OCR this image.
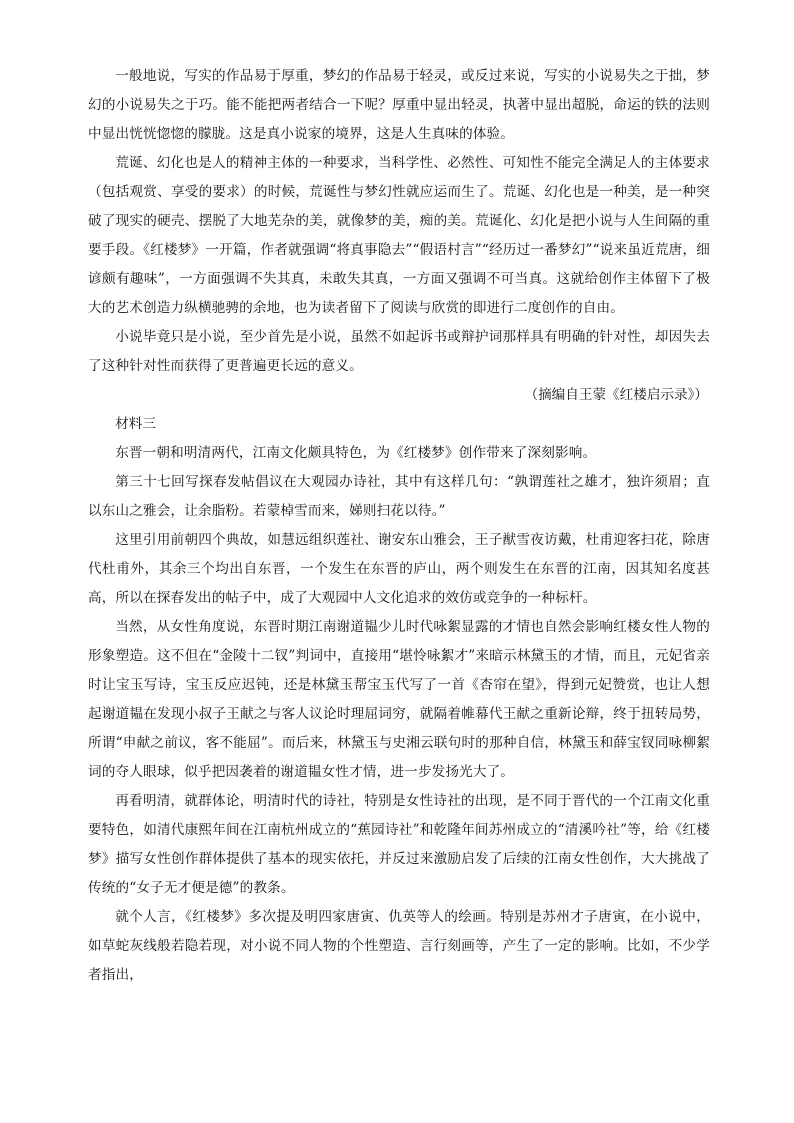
一般地说，写实的作品易于厚重，梦幻的作品易于轻灵，或反过来说，写实的小说易失之于拙，梦幻的小说易失之于巧。能不能把两者结合一下呢？厚重中显出轻灵，执著中显出超脱，命运的铁的法则中显出恍恍惚惚的朦胧。这是真小说家的境界，这是人生真味的体验。

荒诞、幻化也是人的精神主体的一种要求，当科学性、必然性、可知性不能完全满足人的主体要求（包括观赏、享受的要求）的时候，荒诞性与梦幻性就应运而生了。荒诞、幻化也是一种美，是一种突破了现实的硬壳、摆脱了大地芜杂的美，就像梦的美，痴的美。荒诞化、幻化是把小说与人生间隔的重要手段。《红楼梦》一开篇，作者就强调“将真事隐去”“假语村言”“经历过一番梦幻”“说来虽近荒唐，细谚颇有趣味”，一方面强调不失其真，未敢失其真，一方面又强调不可当真。这就给创作主体留下了极大的艺术创造力纵横驰骋的余地，也为读者留下了阅读与欣赏的即进行二度创作的自由。

小说毕竟只是小说，至少首先是小说，虽然不如起诉书或辩护词那样具有明确的针对性，却因失去了这种针对性而获得了更普遍更长远的意义。

（摘编自王蒙《红楼启示录》）

材料三

东晋一朝和明清两代，江南文化颇具特色，为《红楼梦》创作带来了深刻影响。

第三十七回写探春发帖倡议在大观园办诗社，其中有这样几句：“孰谓莲社之雄才，独许须眉；直以东山之雅会，让余脂粉。若蒙棹雪而来，娣则扫花以待。”

这里引用前朝四个典故，如慧远组织莲社、谢安东山雅会，王子猷雪夜访戴，杜甫迎客扫花，除唐代杜甫外，其余三个均出自东晋，一个发生在东晋的庐山，两个则发生在东晋的江南，因其知名度甚高，所以在探春发出的帖子中，成了大观园中人文化追求的效仿或竞争的一种标杆。

当然，从女性角度说，东晋时期江南谢道韫少儿时代咏絮显露的才情也自然会影响红楼女性人物的形象塑造。这不但在“金陵十二钗”判词中，直接用“堪怜咏絮才”来暗示林黛玉的才情，而且，元妃省亲时让宝玉写诗，宝玉反应迟钝，还是林黛玉帮宝玉代写了一首《杏帘在望》，得到元妃赞赏，也让人想起谢道韫在发现小叔子王献之与客人议论时理屈词穷，就隔着帷幕代王献之重新论辩，终于扭转局势，所谓“申献之前议，客不能屈”。而后来，林黛玉与史湘云联句时的那种自信，林黛玉和薛宝钗同咏柳絮词的夺人眼球，似乎把因袭着的谢道韫女性才情，进一步发扬光大了。

再看明清，就群体论，明清时代的诗社，特别是女性诗社的出现，是不同于晋代的一个江南文化重要特色，如清代康熙年间在江南杭州成立的“蕉园诗社”和乾隆年间苏州成立的“清溪吟社”等，给《红楼梦》描写女性创作群体提供了基本的现实依托，并反过来激励启发了后续的江南女性创作，大大挑战了传统的“女子无才便是德”的教条。

就个人言，《红楼梦》多次提及明四家唐寅、仇英等人的绘画。特别是苏州才子唐寅，在小说中，如草蛇灰线般若隐若现，对小说不同人物的个性塑造、言行刻画等，产生了一定的影响。比如，不少学者指出，
